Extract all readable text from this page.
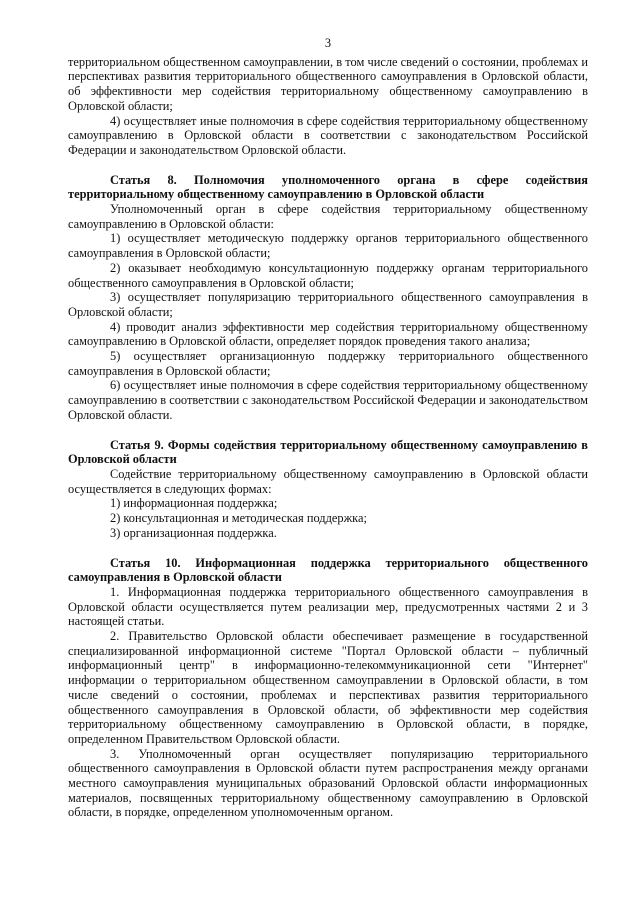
3

территориальном общественном самоуправлении, в том числе сведений о состоянии, проблемах и перспективах развития территориального общественного самоуправления в Орловской области, об эффективности мер содействия территориальному общественному самоуправлению в Орловской области;

4) осуществляет иные полномочия в сфере содействия территориальному общественному самоуправлению в Орловской области в соответствии с законодательством Российской Федерации и законодательством Орловской области.

Статья 8. Полномочия уполномоченного органа в сфере содействия территориальному общественному самоуправлению в Орловской области

Уполномоченный орган в сфере содействия территориальному общественному самоуправлению в Орловской области:

1) осуществляет методическую поддержку органов территориального общественного самоуправления в Орловской области;

2) оказывает необходимую консультационную поддержку органам территориального общественного самоуправления в Орловской области;

3) осуществляет популяризацию территориального общественного самоуправления в Орловской области;

4) проводит анализ эффективности мер содействия территориальному общественному самоуправлению в Орловской области, определяет порядок проведения такого анализа;

5) осуществляет организационную поддержку территориального общественного самоуправления в Орловской области;

6) осуществляет иные полномочия в сфере содействия территориальному общественному самоуправлению в соответствии с законодательством Российской Федерации и законодательством Орловской области.

Статья 9. Формы содействия территориальному общественному самоуправлению в Орловской области

Содействие территориальному общественному самоуправлению в Орловской области осуществляется в следующих формах:

1) информационная поддержка;

2) консультационная и методическая поддержка;

3) организационная поддержка.

Статья 10. Информационная поддержка территориального общественного самоуправления в Орловской области

1. Информационная поддержка территориального общественного самоуправления в Орловской области осуществляется путем реализации мер, предусмотренных частями 2 и 3 настоящей статьи.

2. Правительство Орловской области обеспечивает размещение в государственной специализированной информационной системе "Портал Орловской области – публичный информационный центр" в информационно-телекоммуникационной сети "Интернет" информации о территориальном общественном самоуправлении в Орловской области, в том числе сведений о состоянии, проблемах и перспективах развития территориального общественного самоуправления в Орловской области, об эффективности мер содействия территориальному общественному самоуправлению в Орловской области, в порядке, определенном Правительством Орловской области.

3. Уполномоченный орган осуществляет популяризацию территориального общественного самоуправления в Орловской области путем распространения между органами местного самоуправления муниципальных образований Орловской области информационных материалов, посвященных территориальному общественному самоуправлению в Орловской области, в порядке, определенном уполномоченным органом.
